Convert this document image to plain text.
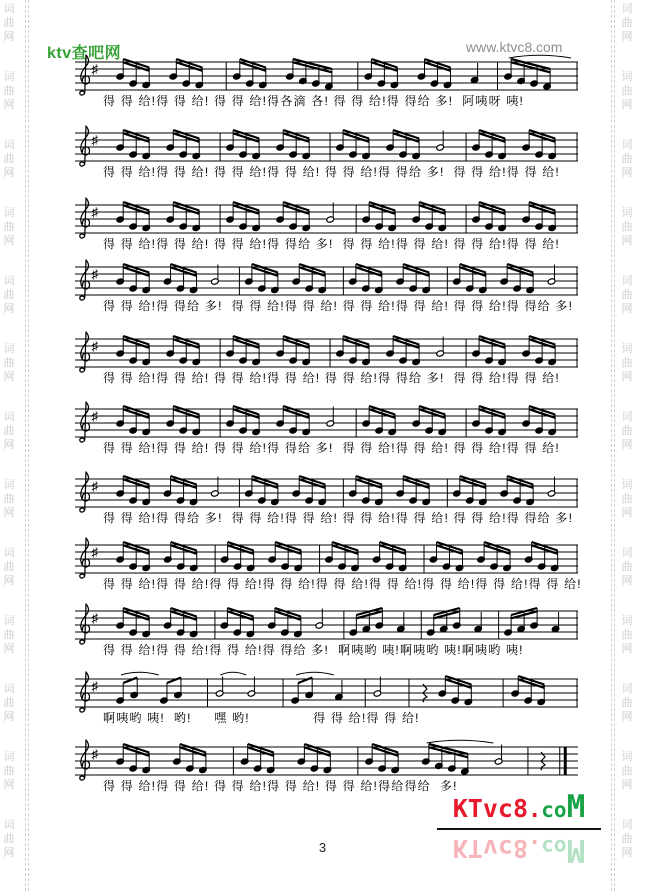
词
曲
网
词
曲
网
词
曲
网
词
曲
网
词
曲
网
词
曲
网
词
曲
网
词
曲
网
词
曲
网
词
曲
网
词
曲
网
词
曲
网
词
曲
网
词
曲
网
词
曲
网
词
曲
网
词
曲
网
词
曲
网
词
曲
网
词
曲
网
词
曲
网
词
曲
网
词
曲
网
词
曲
网
词
曲
网
词
曲
网
ktv查吧网	www.ktvc8.com
♯
得 得 给!得 得 给! 得 得 给!得各滴 各! 得 得 给!得 得给 多!  阿咦呀 咦!
♯
得 得 给!得 得 给! 得 得 给!得 得 给! 得 得 给!得 得给 多!  得 得 给!得 得 给!
♯
得 得 给!得 得 给! 得 得 给!得 得给 多!  得 得 给!得 得 给! 得 得 给!得 得 给!
♯
得 得 给!得 得给 多!  得 得 给!得 得 给! 得 得 给!得 得 给! 得 得 给!得 得给 多!
♯
得 得 给!得 得 给! 得 得 给!得 得 给! 得 得 给!得 得给 多!  得 得 给!得 得 给!
♯
得 得 给!得 得 给! 得 得 给!得 得给 多!  得 得 给!得 得 给! 得 得 给!得 得 给!
♯
得 得 给!得 得给 多!  得 得 给!得 得 给! 得 得 给!得 得 给! 得 得 给!得 得给 多!
♯
得 得 给!得 得 给!得 得 给!得 得 给!得 得 给!得 得 给!得 得 给!得 得 给!得 得 给!
♯
得 得 给!得 得 给!得 得 给!得 得给 多!  啊咦哟 咦!啊咦哟 咦!啊咦哟 咦!
♯
啊咦哟 咦!  哟!     嘿 哟!              得 得 给!得 得 给!
♯
得 得 给!得 得 给! 得 得 给!得 得 给! 得 得 给!得给得给  多!
KTvc8.coM
KTvc8.coM
3
